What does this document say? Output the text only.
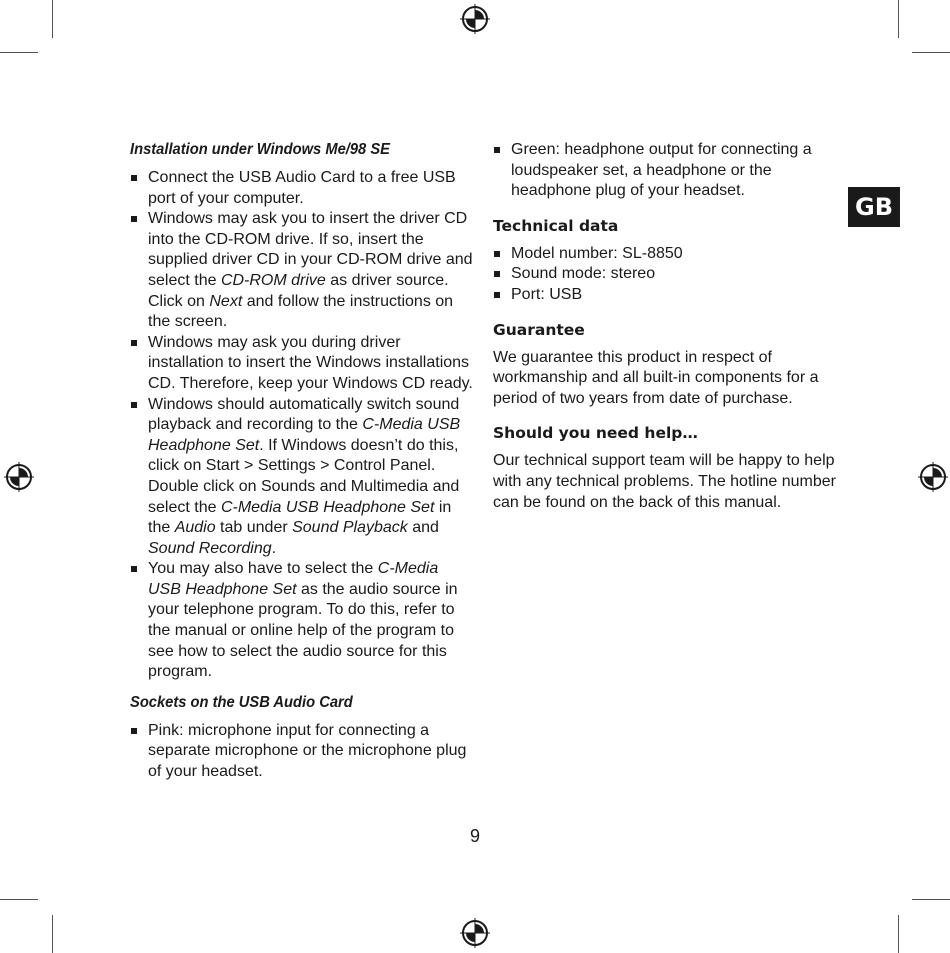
GB
Installation under Windows Me/98 SE
Connect the USB Audio Card to a free USB port of your computer.
Windows may ask you to insert the driver CD into the CD-ROM drive. If so, insert the supplied driver CD in your CD-ROM drive and select the CD-ROM drive as driver source. Click on Next and follow the instructions on the screen.
Windows may ask you during driver installation to insert the Windows installations CD. Therefore, keep your Windows CD ready.
Windows should automatically switch sound playback and recording to the C-Media USB Headphone Set. If Windows doesn’t do this, click on Start > Settings > Control Panel. Double click on Sounds and Multimedia and select the C-Media USB Headphone Set in the Audio tab under Sound Playback and Sound Recording.
You may also have to select the C-Media USB Headphone Set as the audio source in your telephone program. To do this, refer to the manual or online help of the program to see how to select the audio source for this program.
Sockets on the USB Audio Card
Pink: microphone input for connecting a separate microphone or the microphone plug of your headset.
Green: headphone output for connecting a loudspeaker set, a headphone or the headphone plug of your headset.
Technical data
Model number: SL-8850
Sound mode: stereo
Port: USB
Guarantee

We guarantee this product in respect of workmanship and all built-in components for a period of two years from date of purchase.

Should you need help…

Our technical support team will be happy to help with any technical problems. The hotline number can be found on the back of this manual.

9
